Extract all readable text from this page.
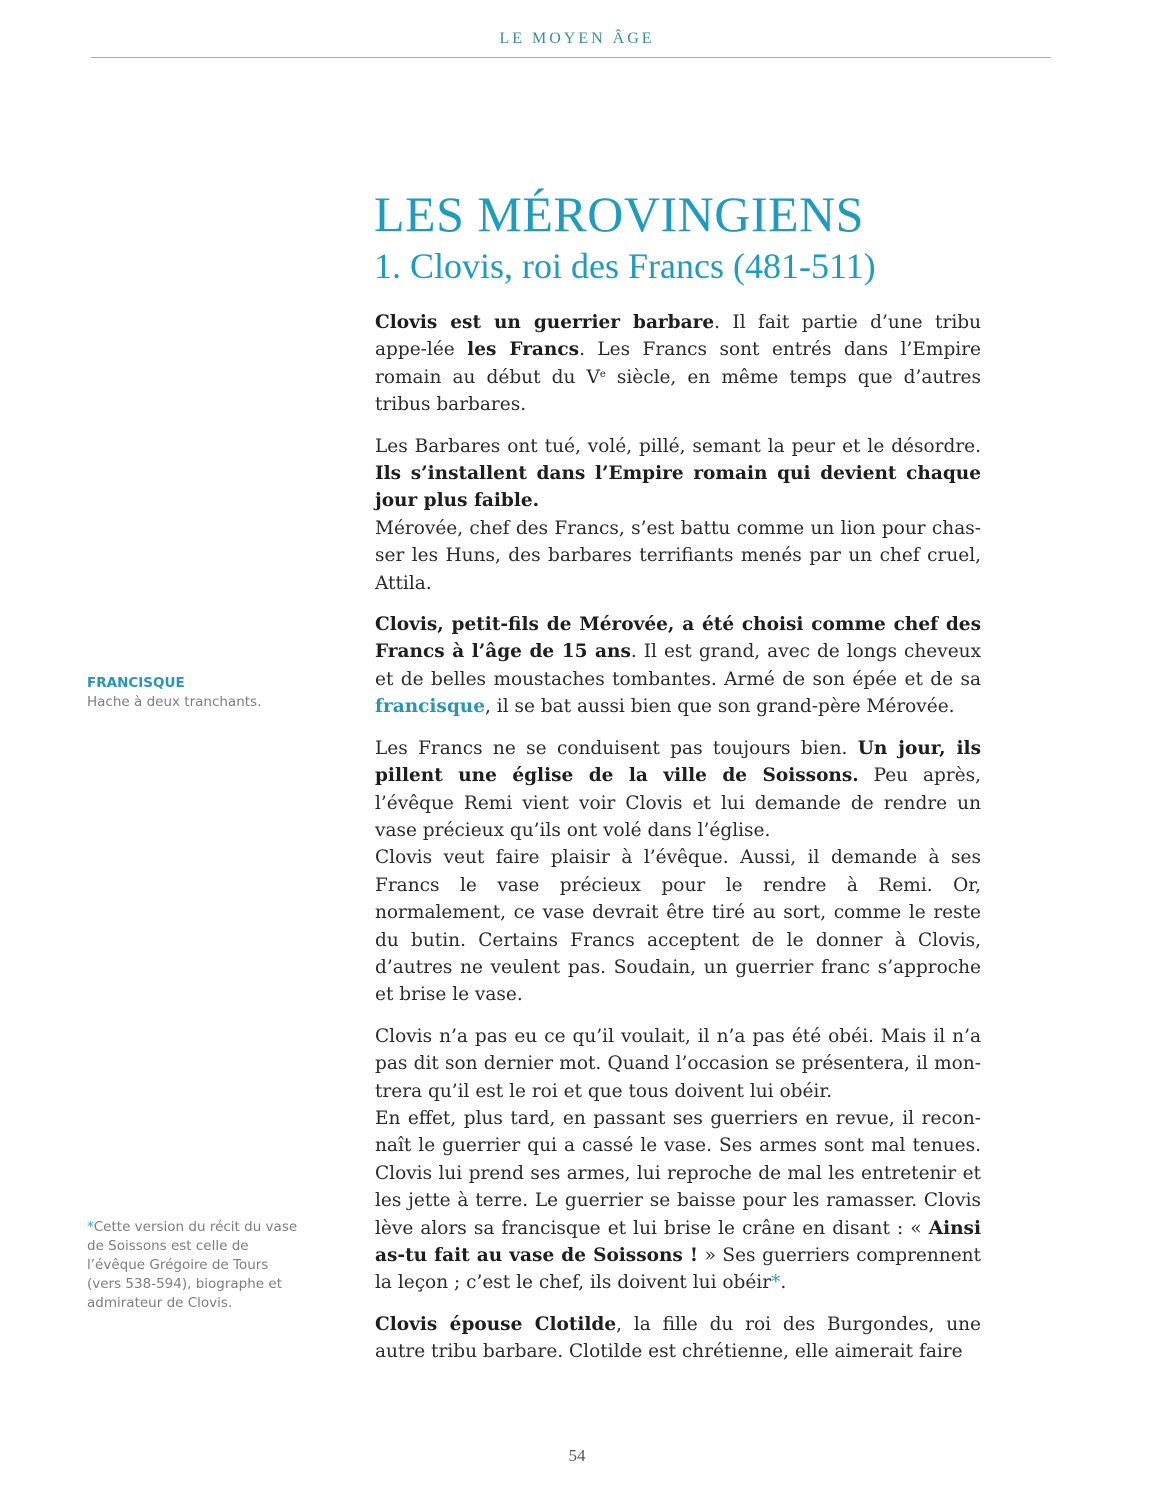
LE MOYEN ÂGE
LES MÉROVINGIENS
1. Clovis, roi des Francs (481-511)

Clovis est un guerrier barbare. Il fait partie d’une tribu appe-lée les Francs. Les Francs sont entrés dans l’Empire romain au début du Ve siècle, en même temps que d’autres tribus barbares.

Les Barbares ont tué, volé, pillé, semant la peur et le désordre. Ils s’installent dans l’Empire romain qui devient chaque jour plus faible.

Mérovée, chef des Francs, s’est battu comme un lion pour chasser les Huns, des barbares terrifiants menés par un chef cruel, Attila.

Clovis, petit-fils de Mérovée, a été choisi comme chef des Francs à l’âge de 15 ans. Il est grand, avec de longs cheveux et de belles moustaches tombantes. Armé de son épée et de sa francisque, il se bat aussi bien que son grand-père Mérovée.

Les Francs ne se conduisent pas toujours bien. Un jour, ils pillent une église de la ville de Soissons. Peu après, l’évêque Remi vient voir Clovis et lui demande de rendre un vase précieux qu’ils ont volé dans l’église.

Clovis veut faire plaisir à l’évêque. Aussi, il demande à ses Francs le vase précieux pour le rendre à Remi. Or, normalement, ce vase devrait être tiré au sort, comme le reste du butin. Certains Francs acceptent de le donner à Clovis, d’autres ne veulent pas. Soudain, un guerrier franc s’approche et brise le vase.

Clovis n’a pas eu ce qu’il voulait, il n’a pas été obéi. Mais il n’a pas dit son dernier mot. Quand l’occasion se présentera, il montrera qu’il est le roi et que tous doivent lui obéir.

En effet, plus tard, en passant ses guerriers en revue, il reconnaît le guerrier qui a cassé le vase. Ses armes sont mal tenues. Clovis lui prend ses armes, lui reproche de mal les entretenir et les jette à terre. Le guerrier se baisse pour les ramasser. Clovis lève alors sa francisque et lui brise le crâne en disant : « Ainsi as-tu fait au vase de Soissons ! » Ses guerriers comprennent la leçon ; c’est le chef, ils doivent lui obéir*.

Clovis épouse Clotilde, la fille du roi des Burgondes, une autre tribu barbare. Clotilde est chrétienne, elle aimerait faire

FRANCISQUE
Hache à deux tranchants.
*Cette version du récit du vase de Soissons est celle de l’évêque Grégoire de Tours (vers 538-594), biographe et admirateur de Clovis.
54
